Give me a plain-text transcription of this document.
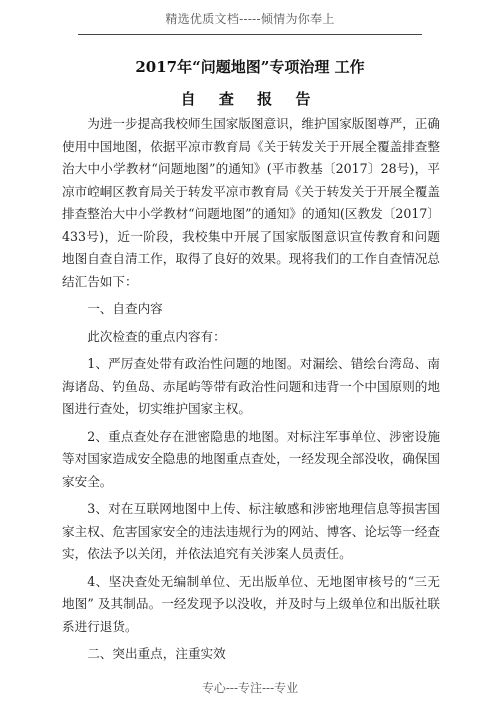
精选优质文档-----倾情为你奉上
2017年“问题地图”专项治理 工作
自 查 报 告

为进一步提高我校师生国家版图意识，维护国家版图尊严，正确使用中国地图，依据平凉市教育局《关于转发关于开展全覆盖排查整治大中小学教材“问题地图”的通知》(平市教基〔2017〕28号)，平凉市崆峒区教育局关于转发平凉市教育局《关于转发关于开展全覆盖排查整治大中小学教材“问题地图”的通知》的通知(区教发〔2017〕433号)，近一阶段，我校集中开展了国家版图意识宣传教育和问题地图自查自清工作，取得了良好的效果。现将我们的工作自查情况总结汇告如下：

一、自查内容

此次检查的重点内容有：

1、严厉查处带有政治性问题的地图。对漏绘、错绘台湾岛、南海诸岛、钓鱼岛、赤尾屿等带有政治性问题和违背一个中国原则的地图进行查处，切实维护国家主权。

2、重点查处存在泄密隐患的地图。对标注军事单位、涉密设施等对国家造成安全隐患的地图重点查处，一经发现全部没收，确保国家安全。

3、对在互联网地图中上传、标注敏感和涉密地理信息等损害国家主权、危害国家安全的违法违规行为的网站、博客、论坛等一经查实，依法予以关闭，并依法追究有关涉案人员责任。

4、坚决查处无编制单位、无出版单位、无地图审核号的“三无地图” 及其制品。一经发现予以没收，并及时与上级单位和出版社联系进行退货。

二、突出重点，注重实效

专心---专注---专业
